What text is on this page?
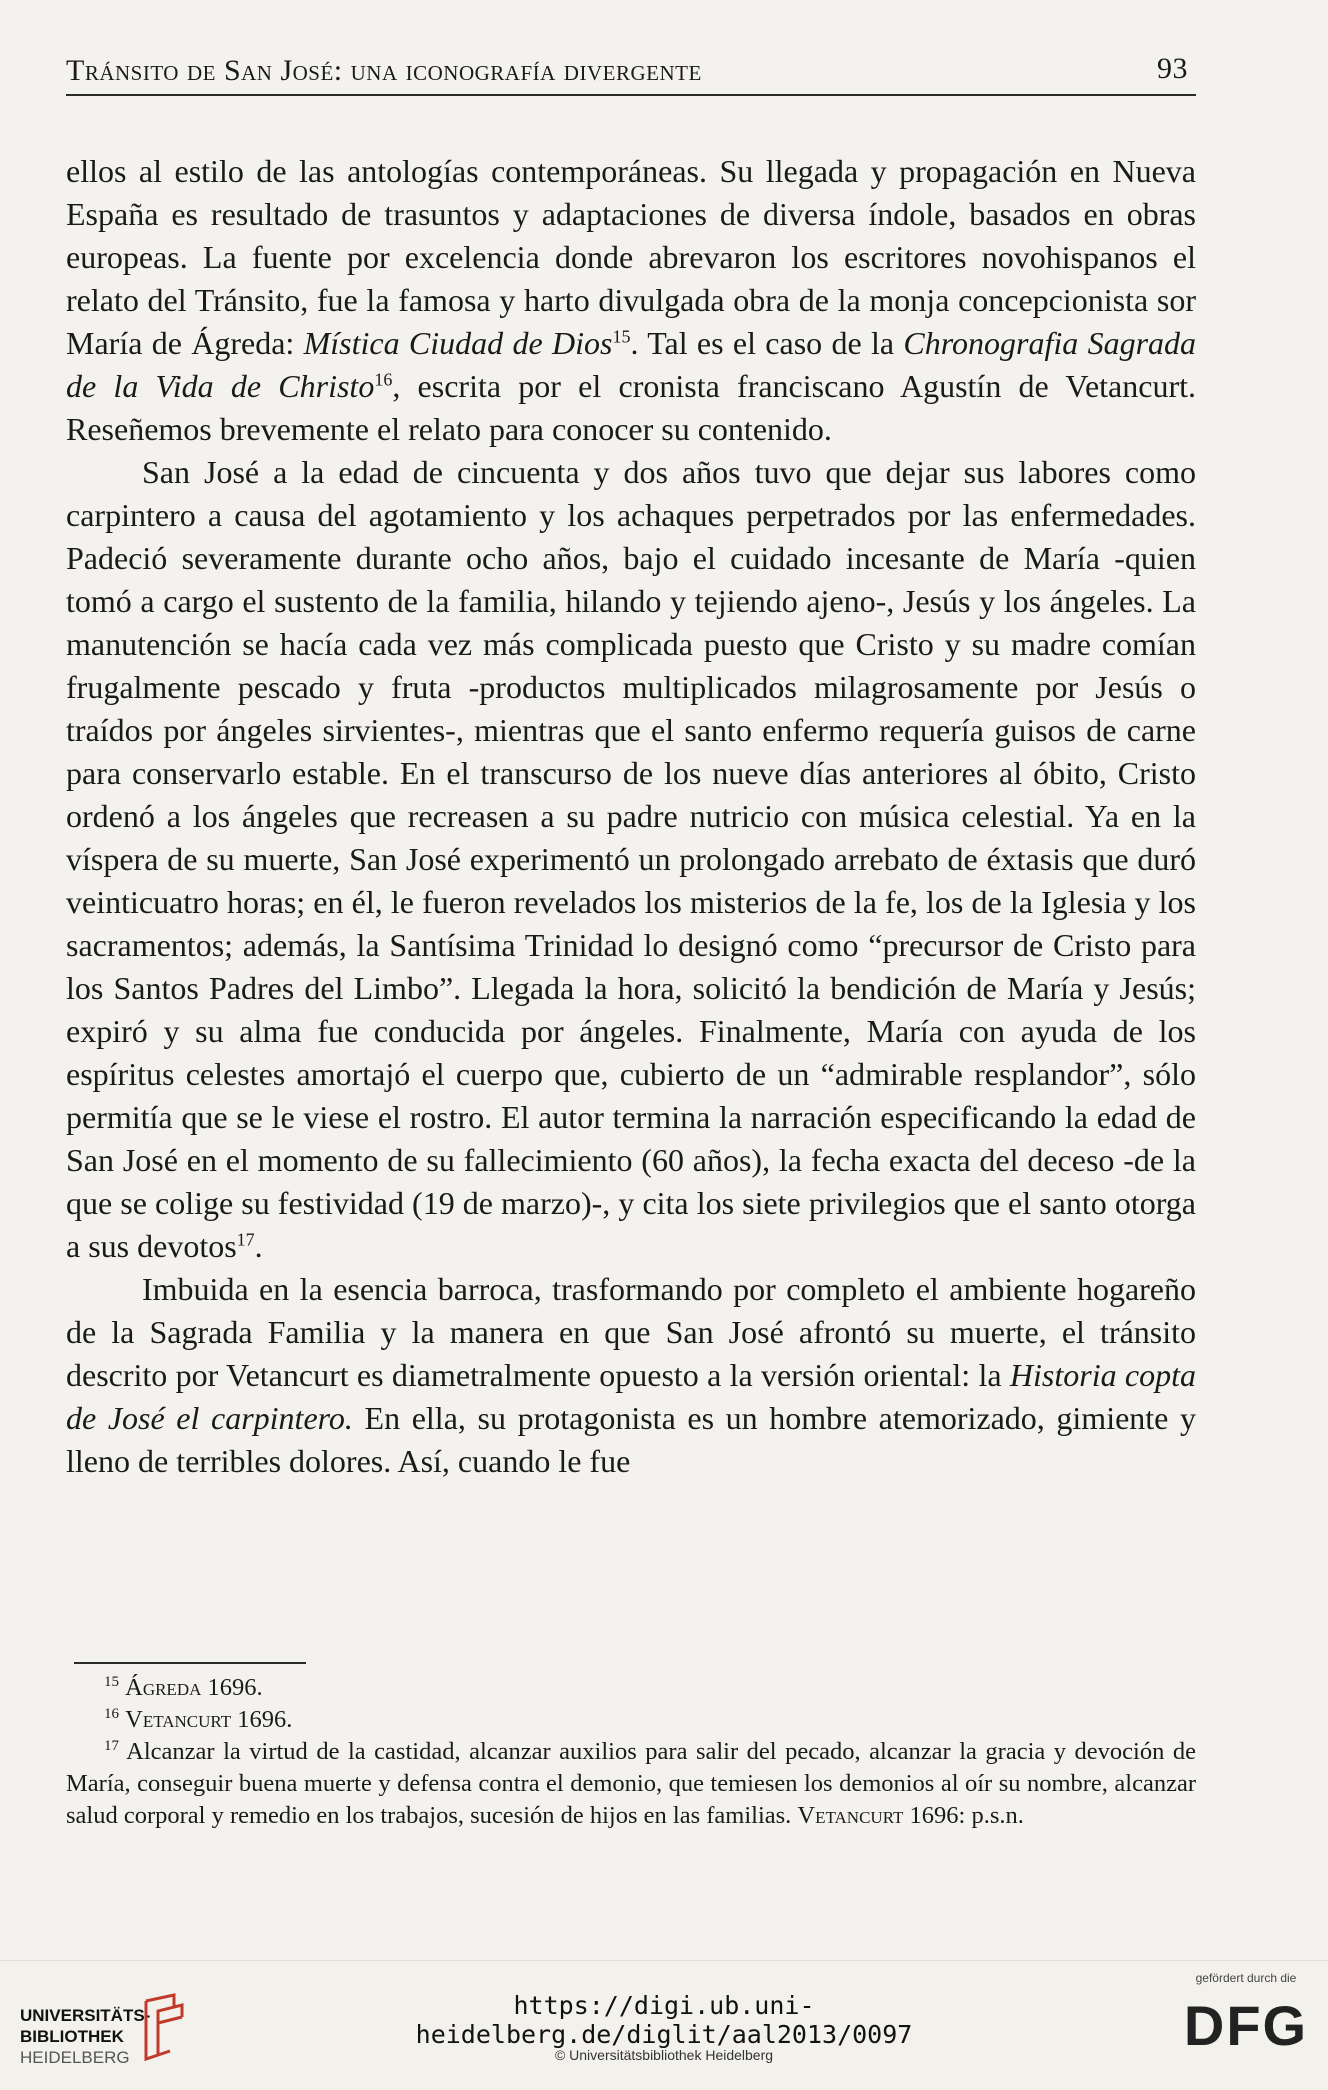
Tránsito de San José: una iconografía divergente	93

ellos al estilo de las antologías contemporáneas. Su llegada y propagación en Nueva España es resultado de trasuntos y adaptaciones de diversa índole, basados en obras europeas. La fuente por excelencia donde abrevaron los escritores novohispanos el relato del Tránsito, fue la famosa y harto divulgada obra de la monja concepcionista sor María de Ágreda: Mística Ciudad de Dios$^{15}$. Tal es el caso de la Chronografia Sagrada de la Vida de Christo$^{16}$, escrita por el cronista franciscano Agustín de Vetancurt. Reseñemos brevemente el relato para conocer su contenido.

San José a la edad de cincuenta y dos años tuvo que dejar sus labores como carpintero a causa del agotamiento y los achaques perpetrados por las enfermedades. Padeció severamente durante ocho años, bajo el cuidado incesante de María -quien tomó a cargo el sustento de la familia, hilando y tejiendo ajeno-, Jesús y los ángeles. La manutención se hacía cada vez más complicada puesto que Cristo y su madre comían frugalmente pescado y fruta -productos multiplicados milagrosamente por Jesús o traídos por ángeles sirvientes-, mientras que el santo enfermo requería guisos de carne para conservarlo estable. En el transcurso de los nueve días anteriores al óbito, Cristo ordenó a los ángeles que recreasen a su padre nutricio con música celestial. Ya en la víspera de su muerte, San José experimentó un prolongado arrebato de éxtasis que duró veinticuatro horas; en él, le fueron revelados los misterios de la fe, los de la Iglesia y los sacramentos; además, la Santísima Trinidad lo designó como “precursor de Cristo para los Santos Padres del Limbo”. Llegada la hora, solicitó la bendición de María y Jesús; expiró y su alma fue conducida por ángeles. Finalmente, María con ayuda de los espíritus celestes amortajó el cuerpo que, cubierto de un “admirable resplandor”, sólo permitía que se le viese el rostro. El autor termina la narración especificando la edad de San José en el momento de su fallecimiento (60 años), la fecha exacta del deceso -de la que se colige su festividad (19 de marzo)-, y cita los siete privilegios que el santo otorga a sus devotos$^{17}$.

Imbuida en la esencia barroca, trasformando por completo el ambiente hogareño de la Sagrada Familia y la manera en que San José afrontó su muerte, el tránsito descrito por Vetancurt es diametralmente opuesto a la versión oriental: la Historia copta de José el carpintero. En ella, su protagonista es un hombre atemorizado, gimiente y lleno de terribles dolores. Así, cuando le fue

$^{15}$ Ágreda 1696.

$^{16}$ Vetancurt 1696.

$^{17}$ Alcanzar la virtud de la castidad, alcanzar auxilios para salir del pecado, alcanzar la gracia y devoción de María, conseguir buena muerte y defensa contra el demonio, que temiesen los demonios al oír su nombre, alcanzar salud corporal y remedio en los trabajos, sucesión de hijos en las familias. Vetancurt 1696: p.s.n.

UNIVERSITÄTS-
BIBLIOTHEK
HEIDELBERG
https://digi.ub.uni-heidelberg.de/diglit/aal2013/0097
© Universitätsbibliothek Heidelberg
gefördert durch die
DFG
